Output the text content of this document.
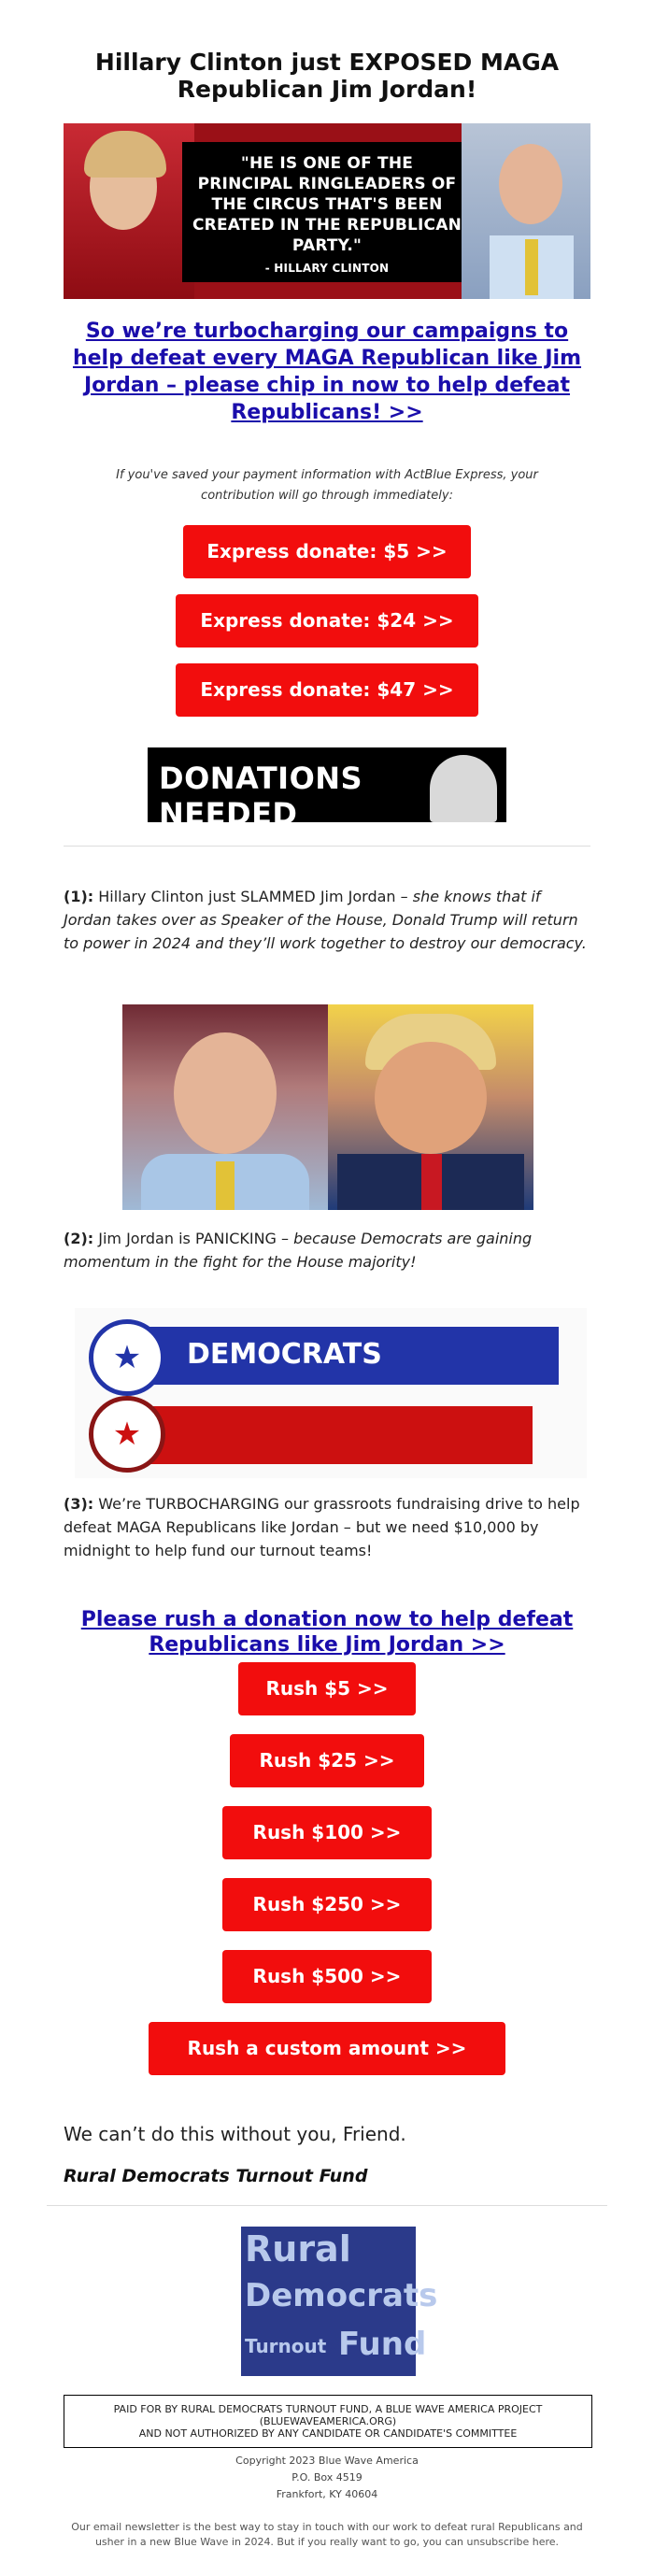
Hillary Clinton just EXPOSED MAGA Republican Jim Jordan!
"HE IS ONE OF THE PRINCIPAL RINGLEADERS OF THE CIRCUS THAT'S BEEN CREATED IN THE REPUBLICAN PARTY."
- HILLARY CLINTON
So we’re turbocharging our campaigns to help defeat every MAGA Republican like Jim Jordan – please chip in now to help defeat Republicans! >>
If you've saved your payment information with ActBlue Express, your contribution will go through immediately:
Express donate: $5 >>
Express donate: $24 >>
Express donate: $47 >>
DONATIONS NEEDED
(1): Hillary Clinton just SLAMMED Jim Jordan – she knows that if Jordan takes over as Speaker of the House, Donald Trump will return to power in 2024 and they’ll work together to destroy our democracy.
(2): Jim Jordan is PANICKING – because Democrats are gaining momentum in the fight for the House majority!
DEMOCRATS
★
★
(3): We’re TURBOCHARGING our grassroots fundraising drive to help defeat MAGA Republicans like Jordan – but we need $10,000 by midnight to help fund our turnout teams!
Please rush a donation now to help defeat Republicans like Jim Jordan >>
Rush $5 >>
Rush $25 >>
Rush $100 >>
Rush $250 >>
Rush $500 >>
Rush a custom amount >>
We can’t do this without you, Friend.
Rural Democrats Turnout Fund
Rural
Democrats
Turnout Fund
PAID FOR BY RURAL DEMOCRATS TURNOUT FUND, A BLUE WAVE AMERICA PROJECT
(BLUEWAVEAMERICA.ORG)
AND NOT AUTHORIZED BY ANY CANDIDATE OR CANDIDATE'S COMMITTEE
Copyright 2023 Blue Wave America
P.O. Box 4519
Frankfort, KY 40604
Our email newsletter is the best way to stay in touch with our work to defeat rural Republicans and usher in a new Blue Wave in 2024. But if you really want to go, you can unsubscribe here.
